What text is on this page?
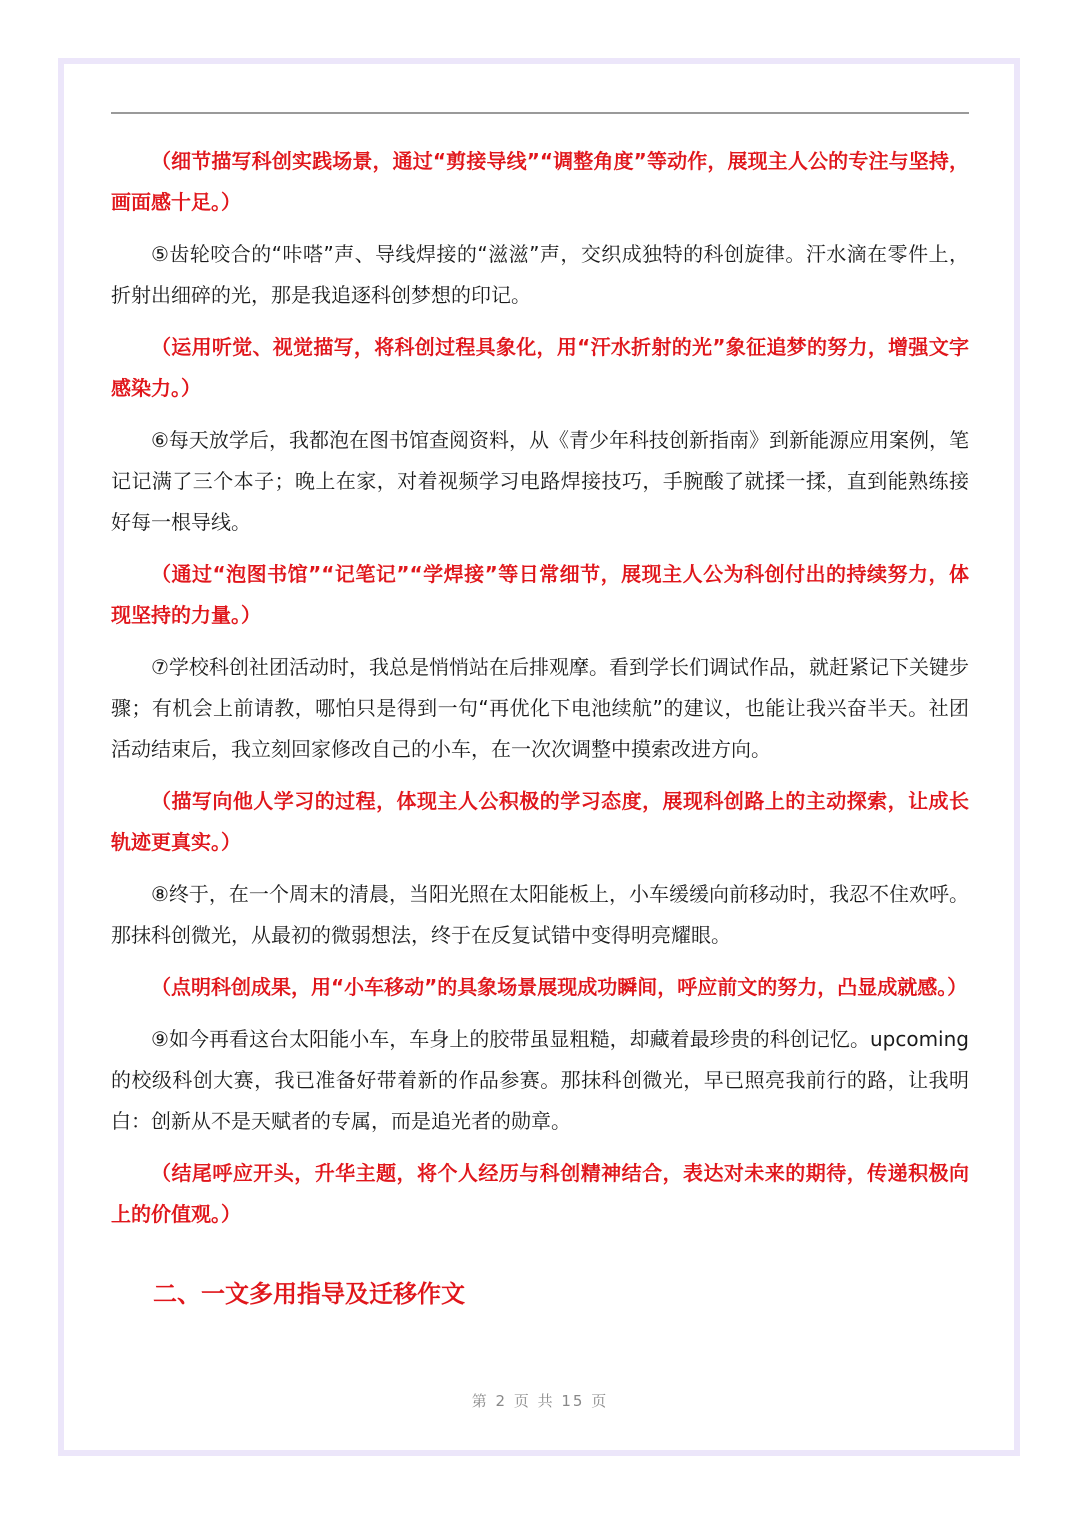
（细节描写科创实践场景，通过“剪接导线”“调整角度”等动作，展现主人公的专注与坚持，画面感十足。）

⑤齿轮咬合的“咔嗒”声、导线焊接的“滋滋”声，交织成独特的科创旋律。汗水滴在零件上，折射出细碎的光，那是我追逐科创梦想的印记。

（运用听觉、视觉描写，将科创过程具象化，用“汗水折射的光”象征追梦的努力，增强文字感染力。）

⑥每天放学后，我都泡在图书馆查阅资料，从《青少年科技创新指南》到新能源应用案例，笔记记满了三个本子；晚上在家，对着视频学习电路焊接技巧，手腕酸了就揉一揉，直到能熟练接好每一根导线。

（通过“泡图书馆”“记笔记”“学焊接”等日常细节，展现主人公为科创付出的持续努力，体现坚持的力量。）

⑦学校科创社团活动时，我总是悄悄站在后排观摩。看到学长们调试作品，就赶紧记下关键步骤；有机会上前请教，哪怕只是得到一句“再优化下电池续航”的建议，也能让我兴奋半天。社团活动结束后，我立刻回家修改自己的小车，在一次次调整中摸索改进方向。

（描写向他人学习的过程，体现主人公积极的学习态度，展现科创路上的主动探索，让成长轨迹更真实。）

⑧终于，在一个周末的清晨，当阳光照在太阳能板上，小车缓缓向前移动时，我忍不住欢呼。那抹科创微光，从最初的微弱想法，终于在反复试错中变得明亮耀眼。

（点明科创成果，用“小车移动”的具象场景展现成功瞬间，呼应前文的努力，凸显成就感。）

⑨如今再看这台太阳能小车，车身上的胶带虽显粗糙，却藏着最珍贵的科创记忆。upcoming 的校级科创大赛，我已准备好带着新的作品参赛。那抹科创微光，早已照亮我前行的路，让我明白：创新从不是天赋者的专属，而是追光者的勋章。

（结尾呼应开头，升华主题，将个人经历与科创精神结合，表达对未来的期待，传递积极向上的价值观。）

二、一文多用指导及迁移作文
第 2 页 共 15 页
